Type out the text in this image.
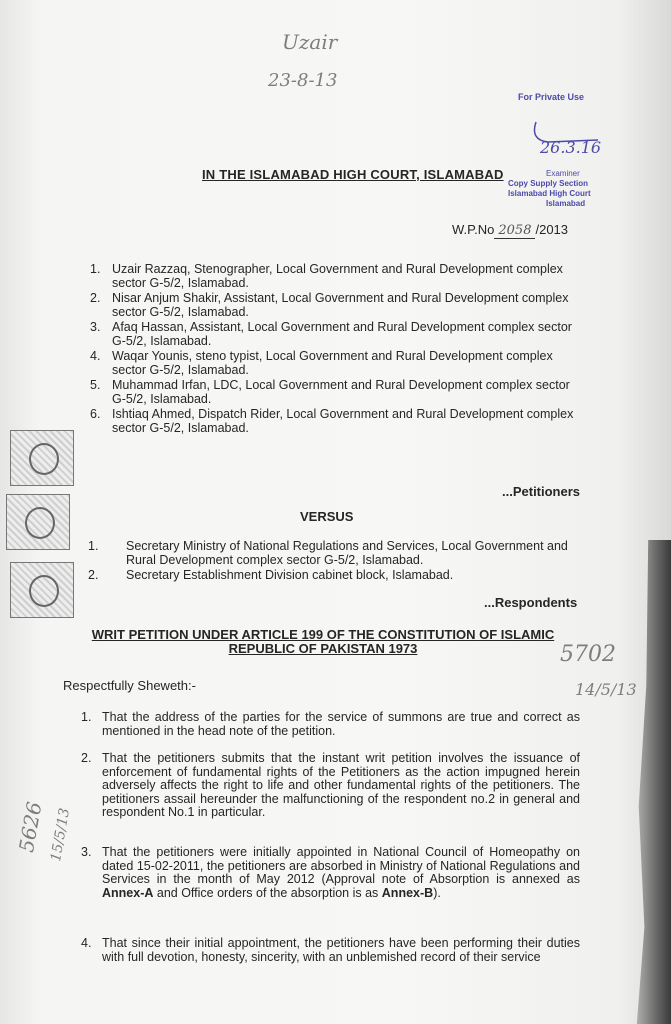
Uzair
23-8-13
For Private Use
26.3.16
Examiner
Copy Supply Section
Islamabad High Court
Islamabad
IN THE ISLAMABAD HIGH COURT, ISLAMABAD
W.P.No 2058 /2013
1. Uzair Razzaq, Stenographer, Local Government and Rural Development complex sector G-5/2, Islamabad.
2. Nisar Anjum Shakir, Assistant, Local Government and Rural Development complex sector G-5/2, Islamabad.
3. Afaq Hassan, Assistant, Local Government and Rural Development complex sector G-5/2, Islamabad.
4. Waqar Younis, steno typist, Local Government and Rural Development complex sector G-5/2, Islamabad.
5. Muhammad Irfan, LDC, Local Government and Rural Development complex sector G-5/2, Islamabad.
6. Ishtiaq Ahmed, Dispatch Rider, Local Government and Rural Development complex sector G-5/2, Islamabad.
...Petitioners
VERSUS
1. Secretary Ministry of National Regulations and Services, Local Government and Rural Development complex sector G-5/2, Islamabad.
2. Secretary Establishment Division cabinet block, Islamabad.
...Respondents
WRIT PETITION UNDER ARTICLE 199 OF THE CONSTITUTION OF ISLAMIC REPUBLIC OF PAKISTAN 1973	5702
14/5/13
Respectfully Sheweth:-
1. That the address of the parties for the service of summons are true and correct as mentioned in the head note of the petition.
2. That the petitioners submits that the instant writ petition involves the issuance of enforcement of fundamental rights of the Petitioners as the action impugned herein adversely affects the right to life and other fundamental rights of the petitioners. The petitioners assail hereunder the malfunctioning of the respondent no.2 in general and respondent No.1 in particular.
3. That the petitioners were initially appointed in National Council of Homeopathy on dated 15-02-2011, the petitioners are absorbed in Ministry of National Regulations and Services in the month of May 2012 (Approval note of Absorption is annexed as Annex-A and Office orders of the absorption is as Annex-B).
4. That since their initial appointment, the petitioners have been performing their duties with full devotion, honesty, sincerity, with an unblemished record of their service
5626 15/5/13
